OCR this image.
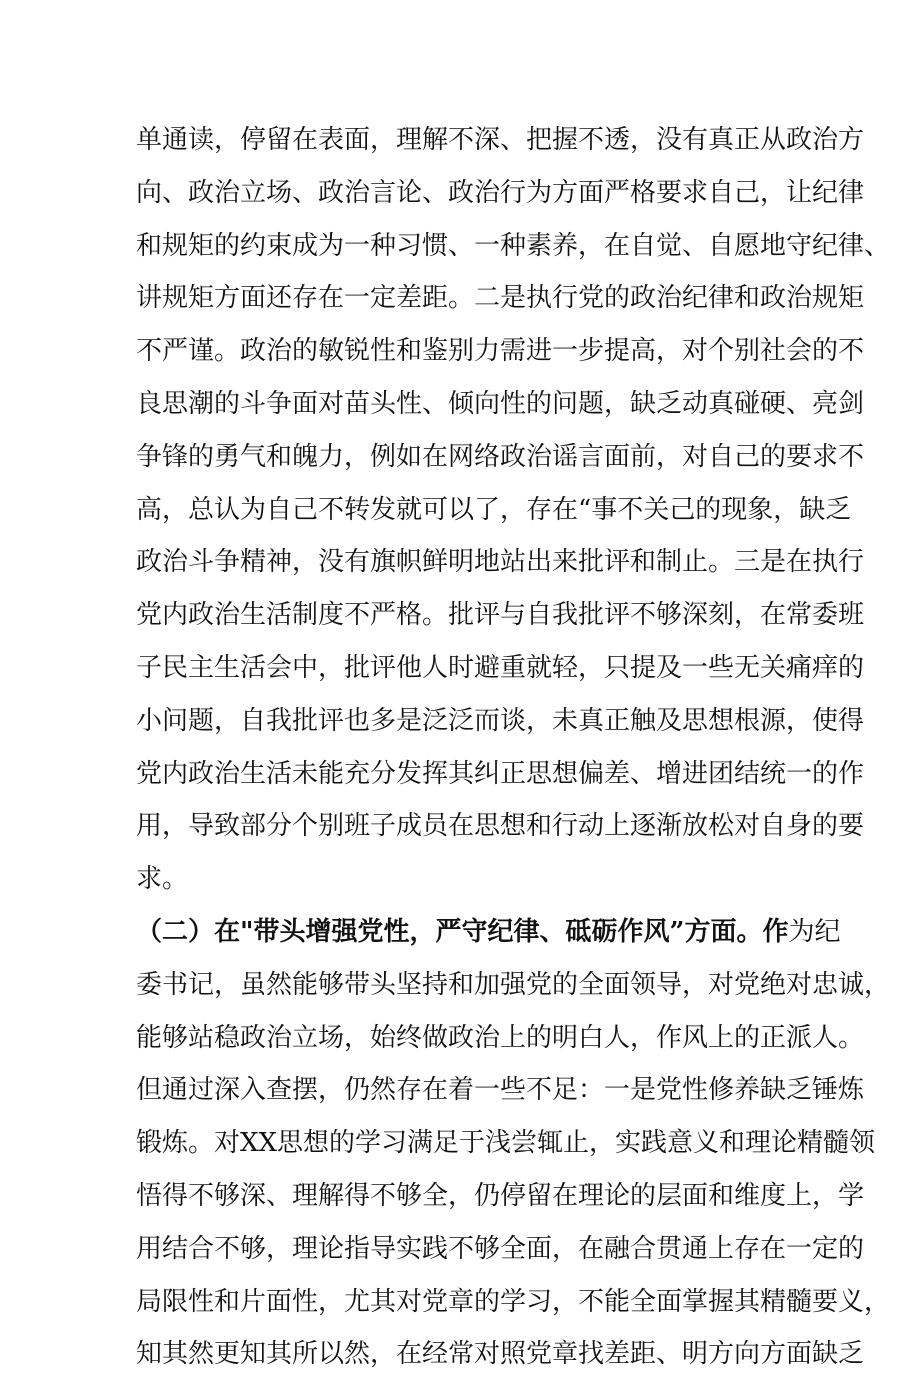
单通读，停留在表面，理解不深、把握不透，没有真正从政治方
向、政治立场、政治言论、政治行为方面严格要求自己，让纪律
和规矩的约束成为一种习惯、一种素养，在自觉、自愿地守纪律、
讲规矩方面还存在一定差距。二是执行党的政治纪律和政治规矩
不严谨。政治的敏锐性和鉴别力需进一步提高，对个别社会的不
良思潮的斗争面对苗头性、倾向性的问题，缺乏动真碰硬、亮剑
争锋的勇气和魄力，例如在网络政治谣言面前，对自己的要求不
高，总认为自己不转发就可以了，存在“事不关己的现象，缺乏
政治斗争精神，没有旗帜鲜明地站出来批评和制止。三是在执行
党内政治生活制度不严格。批评与自我批评不够深刻，在常委班
子民主生活会中，批评他人时避重就轻，只提及一些无关痛痒的
小问题，自我批评也多是泛泛而谈，未真正触及思想根源，使得
党内政治生活未能充分发挥其纠正思想偏差、增进团结统一的作
用，导致部分个别班子成员在思想和行动上逐渐放松对自身的要
求。
（二）在"带头增强党性，严守纪律、砥砺作风”方面。作为纪
委书记，虽然能够带头坚持和加强党的全面领导，对党绝对忠诚，
能够站稳政治立场，始终做政治上的明白人，作风上的正派人。
但通过深入查摆，仍然存在着一些不足：一是党性修养缺乏锤炼
锻炼。对XX思想的学习满足于浅尝辄止，实践意义和理论精髓领
悟得不够深、理解得不够全，仍停留在理论的层面和维度上，学
用结合不够，理论指导实践不够全面，在融合贯通上存在一定的
局限性和片面性，尤其对党章的学习，不能全面掌握其精髓要义，
知其然更知其所以然，在经常对照党章找差距、明方向方面缺乏
